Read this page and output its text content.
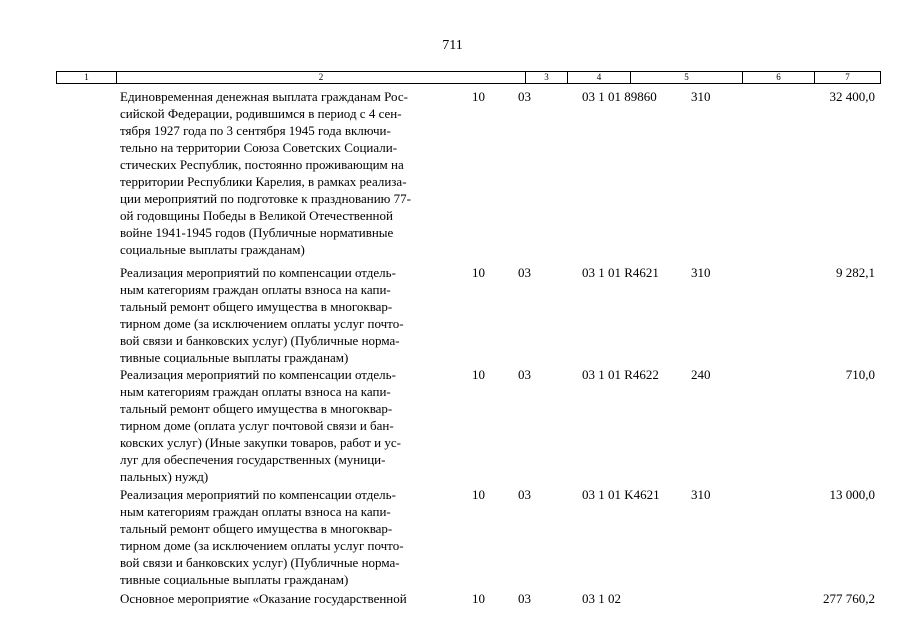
711
1	2	3	4	5	6	7
Единовременная денежная выплата гражданам Рос-
сийской Федерации, родившимся в период с 4 сен-
тября 1927 года по 3 сентября 1945 года включи-
тельно на территории Союза Советских Социали-
стических Республик, постоянно проживающим на
территории Республики Карелия, в рамках реализа-
ции мероприятий по подготовке к празднованию 77-
ой годовщины Победы в Великой Отечественной
войне 1941-1945 годов (Публичные нормативные
социальные выплаты гражданам)
10	03	03 1 01 89860	310	32 400,0
Реализация мероприятий по компенсации отдель-
ным категориям граждан оплаты взноса на капи-
тальный ремонт общего имущества в многоквар-
тирном доме (за исключением оплаты услуг почто-
вой связи и банковских услуг) (Публичные норма-
тивные социальные выплаты гражданам)
10	03	03 1 01 R4621 310	9 282,1
Реализация мероприятий по компенсации отдель-
ным категориям граждан оплаты взноса на капи-
тальный ремонт общего имущества в многоквар-
тирном доме (оплата услуг почтовой связи и бан-
ковских услуг) (Иные закупки товаров, работ и ус-
луг для обеспечения государственных (муници-
пальных) нужд)
10	03	03 1 01 R4622 240	710,0
Реализация мероприятий по компенсации отдель-
ным категориям граждан оплаты взноса на капи-
тальный ремонт общего имущества в многоквар-
тирном доме (за исключением оплаты услуг почто-
вой связи и банковских услуг) (Публичные норма-
тивные социальные выплаты гражданам)
10	03	03 1 01 K4621 310	13 000,0
Основное мероприятие «Оказание государственной	10	03	03 1 02	277 760,2
